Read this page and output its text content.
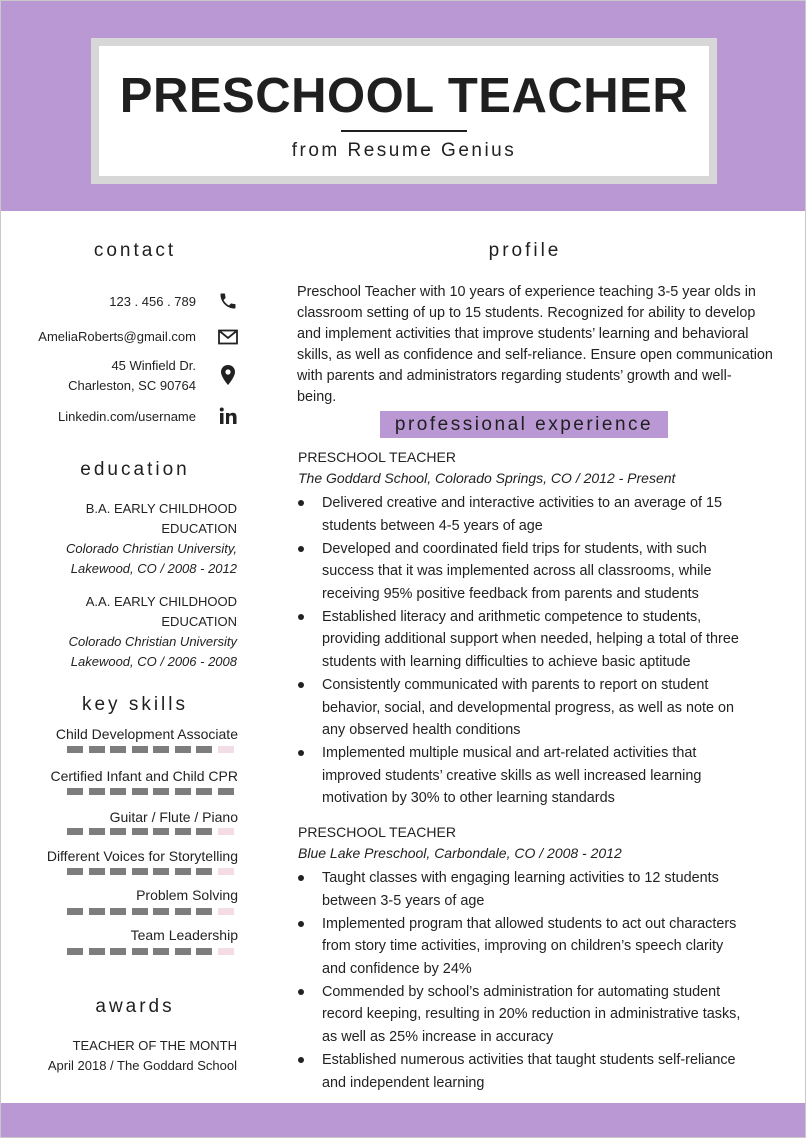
PRESCHOOL TEACHER
from Resume Genius
contact
123 . 456 . 789
AmeliaRoberts@gmail.com
45 Winfield Dr.
Charleston, SC 90764
Linkedin.com/username
education
B.A. EARLY CHILDHOOD
EDUCATION
Colorado Christian University,
Lakewood, CO / 2008 - 2012
A.A. EARLY CHILDHOOD
EDUCATION
Colorado Christian University
Lakewood, CO / 2006 - 2008
key skills
Child Development Associate
Certified Infant and Child CPR
Guitar / Flute / Piano
Different Voices for Storytelling
Problem Solving
Team Leadership
awards
TEACHER OF THE MONTH
April 2018 / The Goddard School
profile
Preschool Teacher with 10 years of experience teaching 3-5 year olds in
classroom setting of up to 15 students. Recognized for ability to develop
and implement activities that improve students’ learning and behavioral
skills, as well as confidence and self-reliance. Ensure open communication
with parents and administrators regarding students’ growth and well-
being.
professional experience
PRESCHOOL TEACHER
The Goddard School, Colorado Springs, CO / 2012 - Present
Delivered creative and interactive activities to an average of 15
students between 4-5 years of age
Developed and coordinated field trips for students, with such
success that it was implemented across all classrooms, while
receiving 95% positive feedback from parents and students
Established literacy and arithmetic competence to students,
providing additional support when needed, helping a total of three
students with learning difficulties to achieve basic aptitude
Consistently communicated with parents to report on student
behavior, social, and developmental progress, as well as note on
any observed health conditions
Implemented multiple musical and art-related activities that
improved students’ creative skills as well increased learning
motivation by 30% to other learning standards
PRESCHOOL TEACHER
Blue Lake Preschool, Carbondale, CO / 2008 - 2012
Taught classes with engaging learning activities to 12 students
between 3-5 years of age
Implemented program that allowed students to act out characters
from story time activities, improving on children’s speech clarity
and confidence by 24%
Commended by school’s administration for automating student
record keeping, resulting in 20% reduction in administrative tasks,
as well as 25% increase in accuracy
Established numerous activities that taught students self-reliance
and independent learning
